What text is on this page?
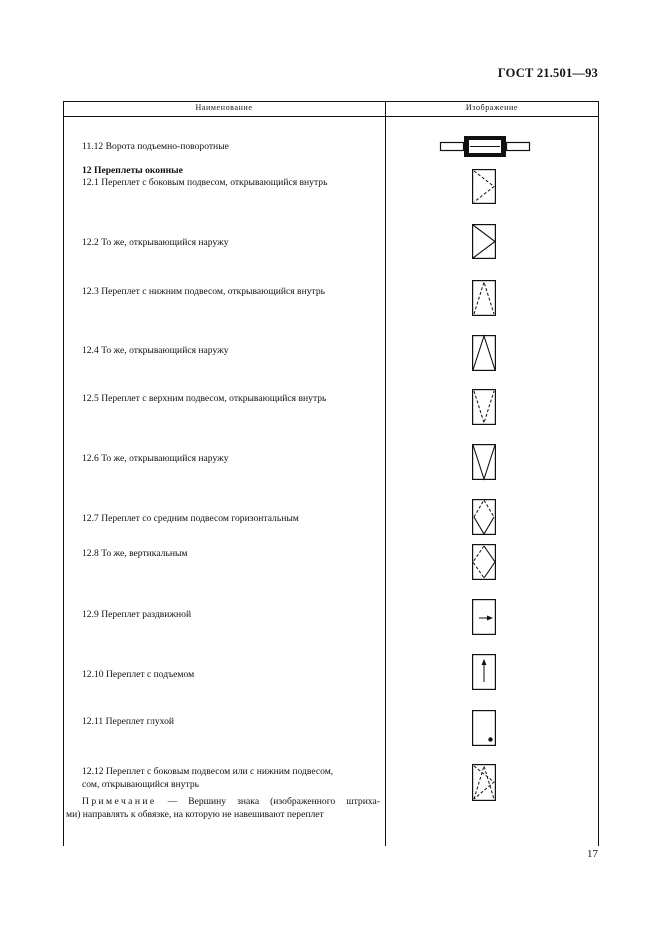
ГОСТ 21.501—93
Наименование	Изображение
11.12 Ворота подъемно-поворотные
12 Переплеты оконные
12.1 Переплет с боковым подвесом, открывающийся внутрь
12.2 То же, открывающийся наружу
12.3 Переплет с нижним подвесом, открывающийся внутрь
12.4 То же, открывающийся наружу
12.5 Переплет с верхним подвесом, открывающийся внутрь
12.6 То же, открывающийся наружу
12.7 Переплет со средним подвесом горизонтальным
12.8 То же, вертикальным
12.9 Переплет раздвижной
12.10 Переплет с подъемом
12.11 Переплет глухой
12.12 Переплет с боковым подвесом или с нижним подвесом,
сом, открывающийся внутрь
Примечание — Вершину знака (изображенного штриха-
ми) направлять к обвязке, на которую не навешивают переплет
17
